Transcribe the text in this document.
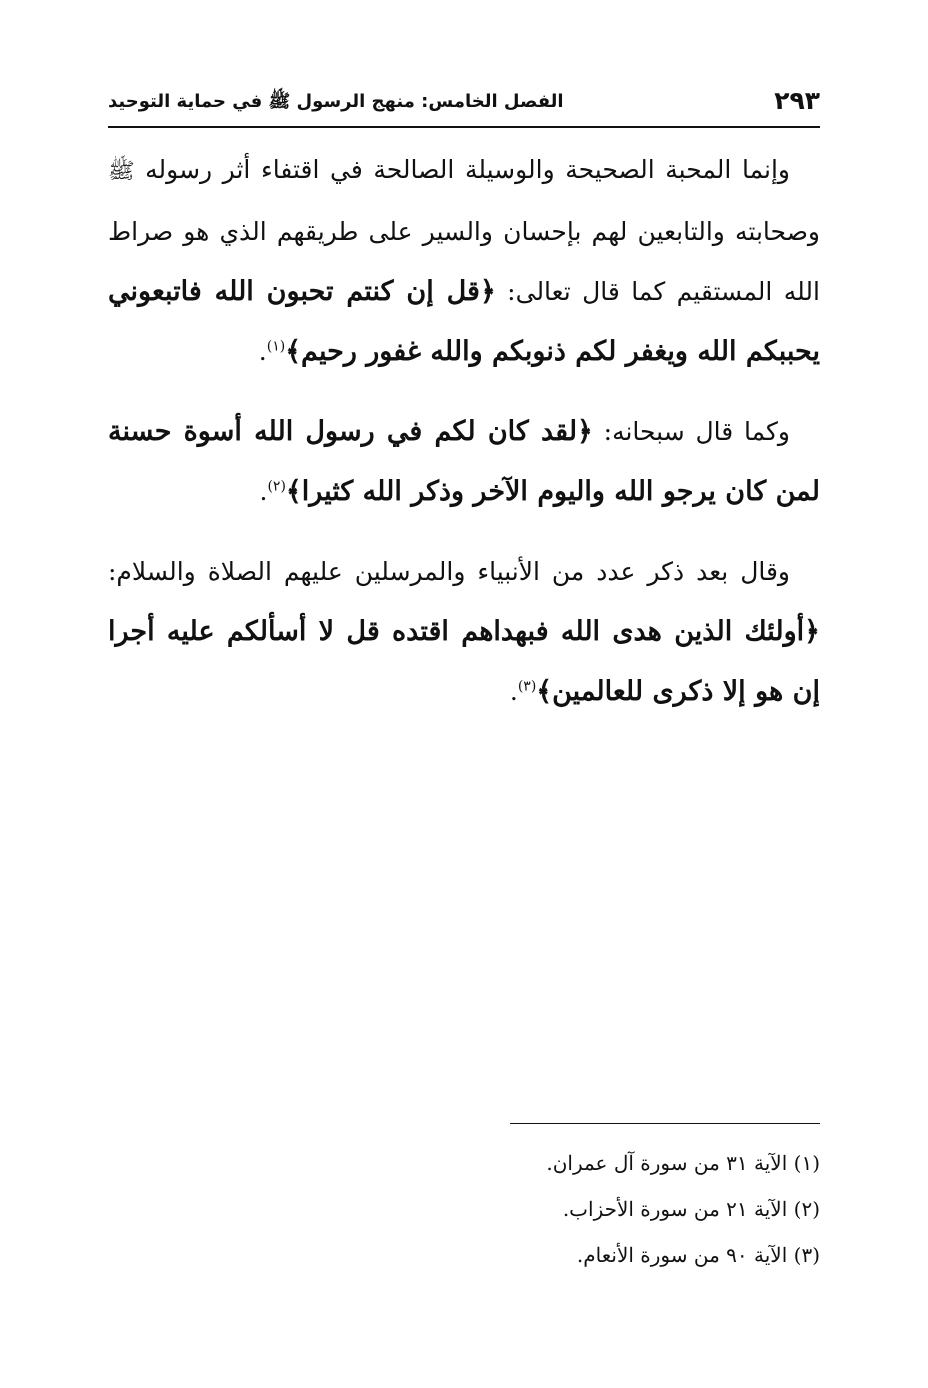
٢٩٣
الفصل الخامس: منهج الرسول ﷺ في حماية التوحيد

وإنما المحبة الصحيحة والوسيلة الصالحة في اقتفاء أثر رسوله ﷺ وصحابته والتابعين لهم بإحسان والسير على طريقهم الذي هو صراط الله المستقيم كما قال تعالى: ﴿قل إن كنتم تحبون الله فاتبعوني يحببكم الله ويغفر لكم ذنوبكم والله غفور رحيم﴾$^{(١)}$.

وكما قال سبحانه: ﴿لقد كان لكم في رسول الله أسوة حسنة لمن كان يرجو الله واليوم الآخر وذكر الله كثيرا﴾$^{(٢)}$.

وقال بعد ذكر عدد من الأنبياء والمرسلين عليهم الصلاة والسلام: ﴿أولئك الذين هدى الله فبهداهم اقتده قل لا أسألكم عليه أجرا إن هو إلا ذكرى للعالمين﴾$^{(٣)}$.

(١) الآية ٣١ من سورة آل عمران.

(٢) الآية ٢١ من سورة الأحزاب.

(٣) الآية ٩٠ من سورة الأنعام.
